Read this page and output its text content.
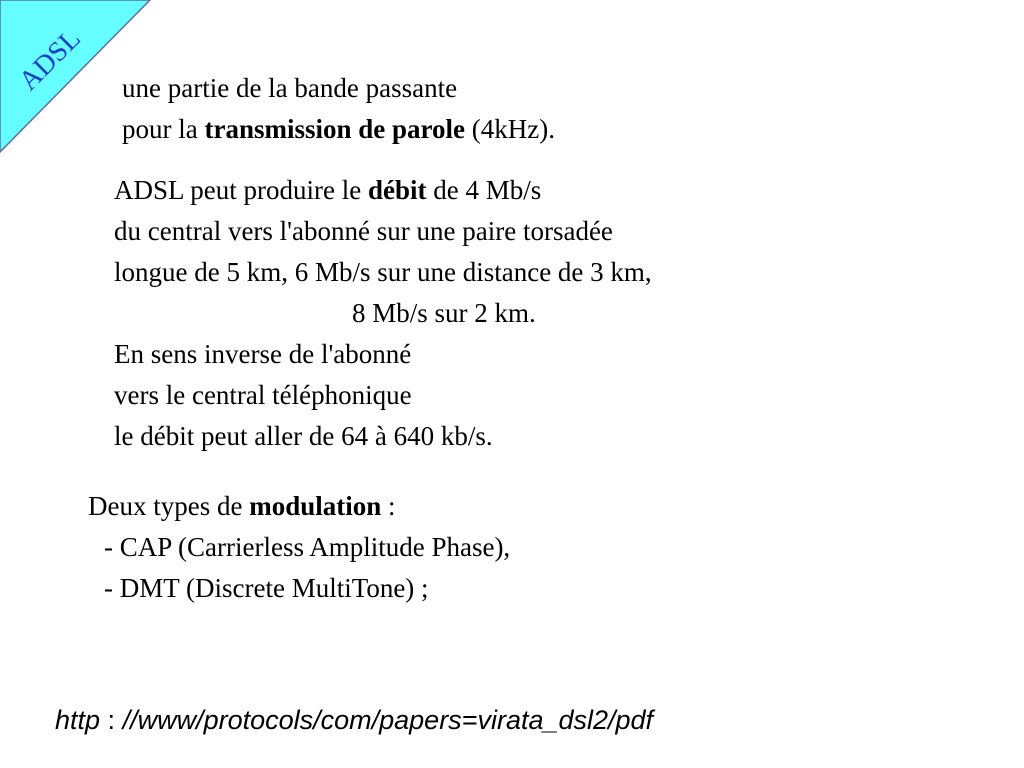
ADSL une partie de la bande passante
pour la transmission de parole (4kHz).
ADSL peut produire le débit de 4 Mb/s
du central vers l'abonné sur une paire torsadée
longue de 5 km, 6 Mb/s sur une distance de 3 km,
8 Mb/s sur 2 km.
En sens inverse de l'abonné
vers le central téléphonique
le débit peut aller de 64 à 640 kb/s.
Deux types de modulation :
- CAP (Carrierless Amplitude Phase),
- DMT (Discrete MultiTone) ;
http : //www/protocols/com/papers=virata_dsl2/pdf
